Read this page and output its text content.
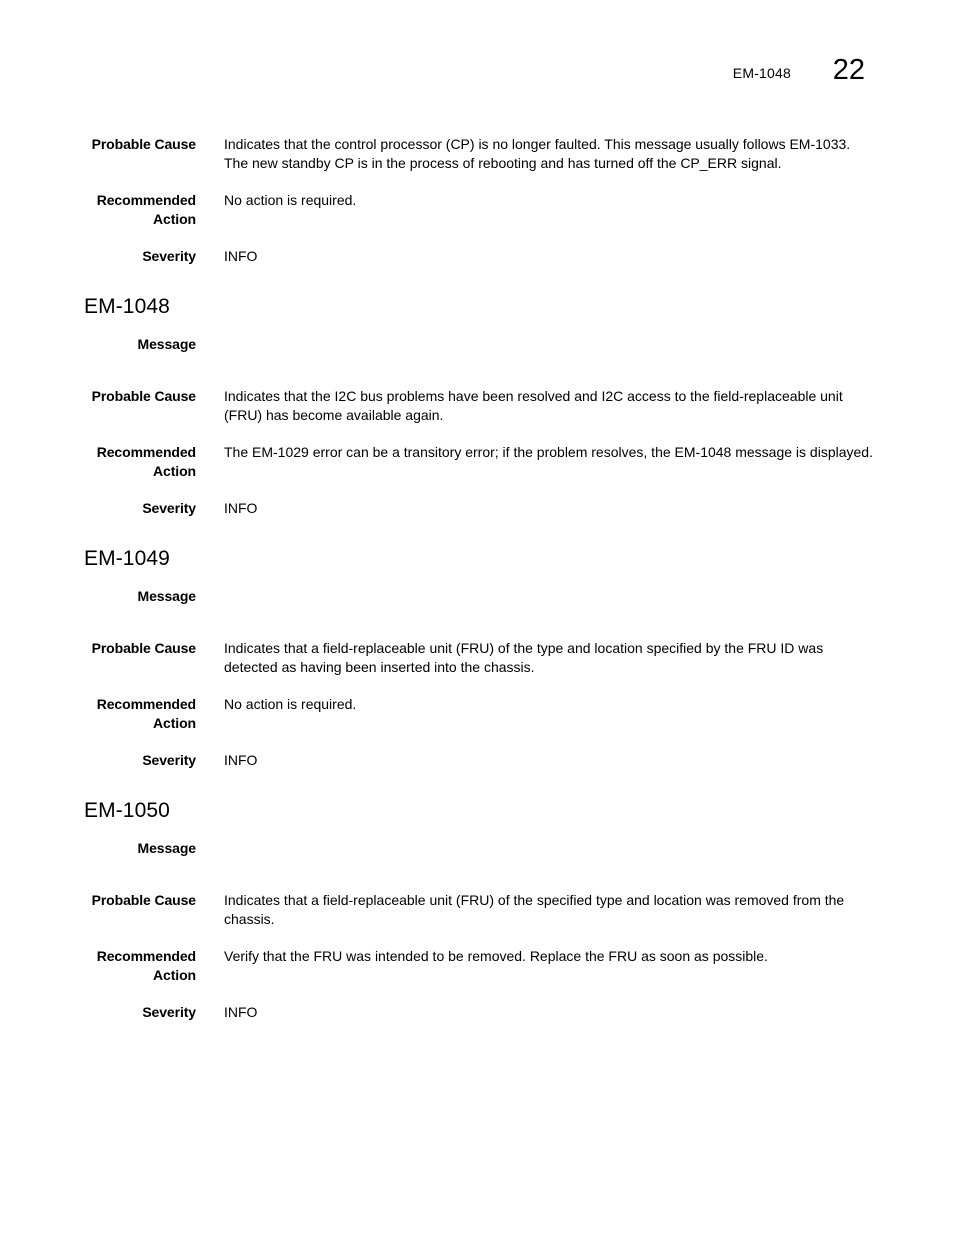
EM-1048 22
Probable Cause Indicates that the control processor (CP) is no longer faulted. This message usually follows EM-1033. The new standby CP is in the process of rebooting and has turned off the CP_ERR signal.
Recommended
Action
No action is required.
Severity INFO
EM-1048
Message
Probable Cause Indicates that the I2C bus problems have been resolved and I2C access to the field-replaceable unit (FRU) has become available again.
Recommended
Action
The EM-1029 error can be a transitory error; if the problem resolves, the EM-1048 message is displayed.
Severity INFO
EM-1049
Message
Probable Cause Indicates that a field-replaceable unit (FRU) of the type and location specified by the FRU ID was detected as having been inserted into the chassis.
Recommended
Action
No action is required.
Severity INFO
EM-1050
Message
Probable Cause Indicates that a field-replaceable unit (FRU) of the specified type and location was removed from the chassis.
Recommended
Action
Verify that the FRU was intended to be removed. Replace the FRU as soon as possible.
Severity INFO
